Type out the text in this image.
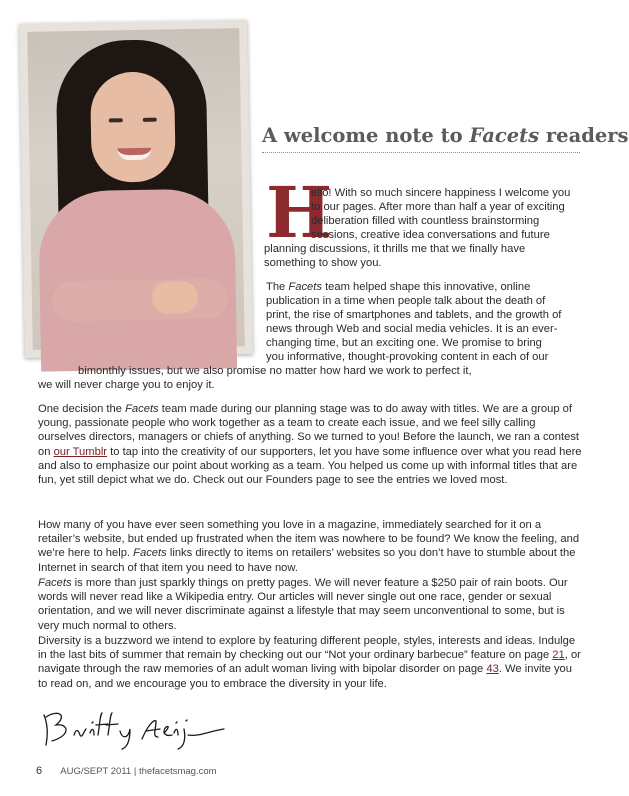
A welcome note to Facets readers
H
ello! With so much sincere happiness I welcome you
to our pages. After more than half a year of exciting
deliberation filled with countless brainstorming
sessions, creative idea conversations and future
planning discussions, it thrills me that we finally have
something to show you.
The Facets team helped shape this innovative, online
publication in a time when people talk about the death of
print, the rise of smartphones and tablets, and the growth of
news through Web and social media vehicles. It is an ever-
changing time, but an exciting one. We promise to bring
you informative, thought-provoking content in each of our
bimonthly issues, but we also promise no matter how hard we work to perfect it,
we will never charge you to enjoy it.
One decision the Facets team made during our planning stage was to do away with titles. We are a group of young, passionate people who work together as a team to create each issue, and we feel silly calling ourselves directors, managers or chiefs of anything. So we turned to you! Before the launch, we ran a contest on our Tumblr to tap into the creativity of our supporters, let you have some influence over what you read here and also to emphasize our point about working as a team. You helped us come up with informal titles that are fun, yet still depict what we do. Check out our Founders page to see the entries we loved most.
How many of you have ever seen something you love in a magazine, immediately searched for it on a retailer’s website, but ended up frustrated when the item was nowhere to be found? We know the feeling, and we’re here to help. Facets links directly to items on retailers’ websites so you don’t have to stumble about the Internet in search of that item you need to have now.
Facets is more than just sparkly things on pretty pages. We will never feature a $250 pair of rain boots. Our words will never read like a Wikipedia entry. Our articles will never single out one race, gender or sexual orientation, and we will never discriminate against a lifestyle that may seem unconventional to some, but is very much normal to others.
Diversity is a buzzword we intend to explore by featuring different people, styles, interests and ideas. Indulge in the last bits of summer that remain by checking out our “Not your ordinary barbecue” feature on page 21, or navigate through the raw memories of an adult woman living with bipolar disorder on page 43. We invite you to read on, and we encourage you to embrace the diversity in your life.
6 AUG/SEPT 2011 | thefacetsmag.com
